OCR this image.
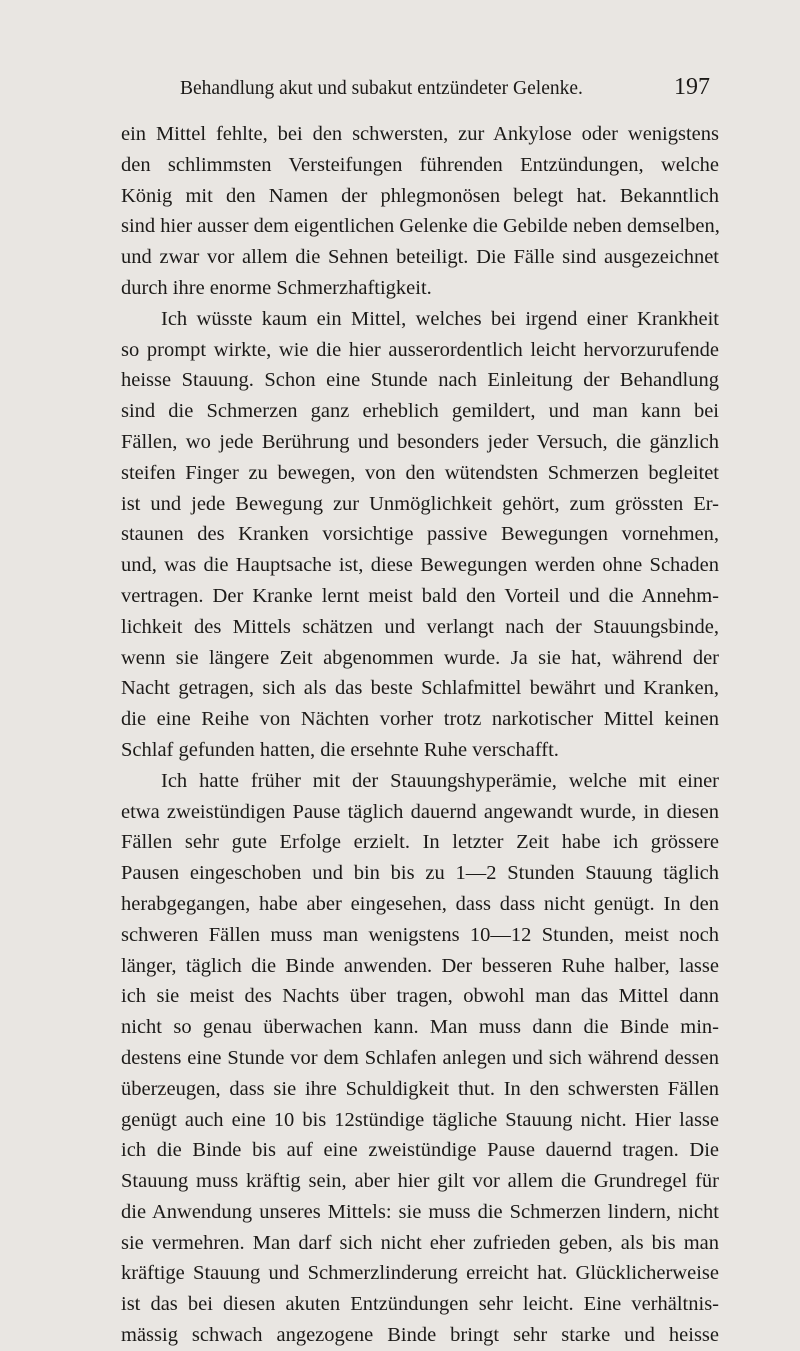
Behandlung akut und subakut entzündeter Gelenke.	197
ein Mittel fehlte, bei den schwersten, zur Ankylose oder wenigstens
den schlimmsten Versteifungen führenden Entzündungen, welche
König mit den Namen der phlegmonösen belegt hat. Bekanntlich
sind hier ausser dem eigentlichen Gelenke die Gebilde neben demselben,
und zwar vor allem die Sehnen beteiligt. Die Fälle sind ausgezeichnet
durch ihre enorme Schmerzhaftigkeit.
Ich wüsste kaum ein Mittel, welches bei irgend einer Krankheit
so prompt wirkte, wie die hier ausserordentlich leicht hervorzurufende
heisse Stauung. Schon eine Stunde nach Einleitung der Behandlung
sind die Schmerzen ganz erheblich gemildert, und man kann bei
Fällen, wo jede Berührung und besonders jeder Versuch, die gänzlich
steifen Finger zu bewegen, von den wütendsten Schmerzen begleitet
ist und jede Bewegung zur Unmöglichkeit gehört, zum grössten Er-
staunen des Kranken vorsichtige passive Bewegungen vornehmen,
und, was die Hauptsache ist, diese Bewegungen werden ohne Schaden
vertragen. Der Kranke lernt meist bald den Vorteil und die Annehm-
lichkeit des Mittels schätzen und verlangt nach der Stauungsbinde,
wenn sie längere Zeit abgenommen wurde. Ja sie hat, während der
Nacht getragen, sich als das beste Schlafmittel bewährt und Kranken,
die eine Reihe von Nächten vorher trotz narkotischer Mittel keinen
Schlaf gefunden hatten, die ersehnte Ruhe verschafft.
Ich hatte früher mit der Stauungshyperämie, welche mit einer
etwa zweistündigen Pause täglich dauernd angewandt wurde, in diesen
Fällen sehr gute Erfolge erzielt. In letzter Zeit habe ich grössere
Pausen eingeschoben und bin bis zu 1—2 Stunden Stauung täglich
herabgegangen, habe aber eingesehen, dass dass nicht genügt. In den
schweren Fällen muss man wenigstens 10—12 Stunden, meist noch
länger, täglich die Binde anwenden. Der besseren Ruhe halber, lasse
ich sie meist des Nachts über tragen, obwohl man das Mittel dann
nicht so genau überwachen kann. Man muss dann die Binde min-
destens eine Stunde vor dem Schlafen anlegen und sich während dessen
überzeugen, dass sie ihre Schuldigkeit thut. In den schwersten Fällen
genügt auch eine 10 bis 12stündige tägliche Stauung nicht. Hier lasse
ich die Binde bis auf eine zweistündige Pause dauernd tragen. Die
Stauung muss kräftig sein, aber hier gilt vor allem die Grundregel für
die Anwendung unseres Mittels: sie muss die Schmerzen lindern, nicht
sie vermehren. Man darf sich nicht eher zufrieden geben, als bis man
kräftige Stauung und Schmerzlinderung erreicht hat. Glücklicherweise
ist das bei diesen akuten Entzündungen sehr leicht. Eine verhältnis-
mässig schwach angezogene Binde bringt sehr starke und heisse
